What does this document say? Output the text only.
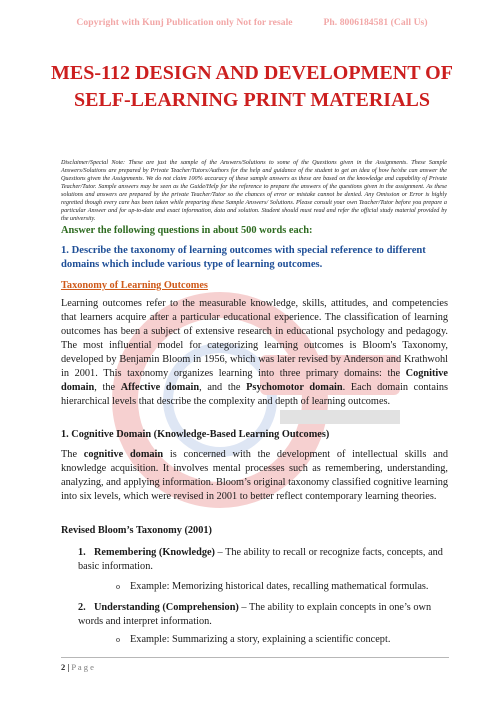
Copyright with Kunj Publication only Not for resale	Ph. 8006184581 (Call Us)
MES-112 DESIGN AND DEVELOPMENT OF SELF-LEARNING PRINT MATERIALS
Disclaimer/Special Note: These are just the sample of the Answers/Solutions to some of the Questions given in the Assignments. These Sample Answers/Solutions are prepared by Private Teacher/Tutors/Authors for the help and guidance of the student to get an idea of how he/she can answer the Questions given the Assignments. We do not claim 100% accuracy of these sample answers as these are based on the knowledge and capability of Private Teacher/Tutor. Sample answers may be seen as the Guide/Help for the reference to prepare the answers of the questions given in the assignment. As these solutions and answers are prepared by the private Teacher/Tutor so the chances of error or mistake cannot be denied. Any Omission or Error is highly regretted though every care has been taken while preparing these Sample Answers/ Solutions. Please consult your own Teacher/Tutor before you prepare a particular Answer and for up-to-date and exact information, data and solution. Student should must read and refer the official study material provided by the university.
Answer the following questions in about 500 words each:
1. Describe the taxonomy of learning outcomes with special reference to different domains which include various type of learning outcomes.
Taxonomy of Learning Outcomes
Learning outcomes refer to the measurable knowledge, skills, attitudes, and competencies that learners acquire after a particular educational experience. The classification of learning outcomes has been a subject of extensive research in educational psychology and pedagogy. The most influential model for categorizing learning outcomes is Bloom's Taxonomy, developed by Benjamin Bloom in 1956, which was later revised by Anderson and Krathwohl in 2001. This taxonomy organizes learning into three primary domains: the Cognitive domain, the Affective domain, and the Psychomotor domain. Each domain contains hierarchical levels that describe the complexity and depth of learning outcomes.
1. Cognitive Domain (Knowledge-Based Learning Outcomes)
The cognitive domain is concerned with the development of intellectual skills and knowledge acquisition. It involves mental processes such as remembering, understanding, analyzing, and applying information. Bloom’s original taxonomy classified cognitive learning into six levels, which were revised in 2001 to better reflect contemporary learning theories.
Revised Bloom’s Taxonomy (2001)
1. Remembering (Knowledge) – The ability to recall or recognize facts, concepts, and basic information.
o Example: Memorizing historical dates, recalling mathematical formulas.
2. Understanding (Comprehension) – The ability to explain concepts in one’s own words and interpret information.
o Example: Summarizing a story, explaining a scientific concept.
2 | P a g e
